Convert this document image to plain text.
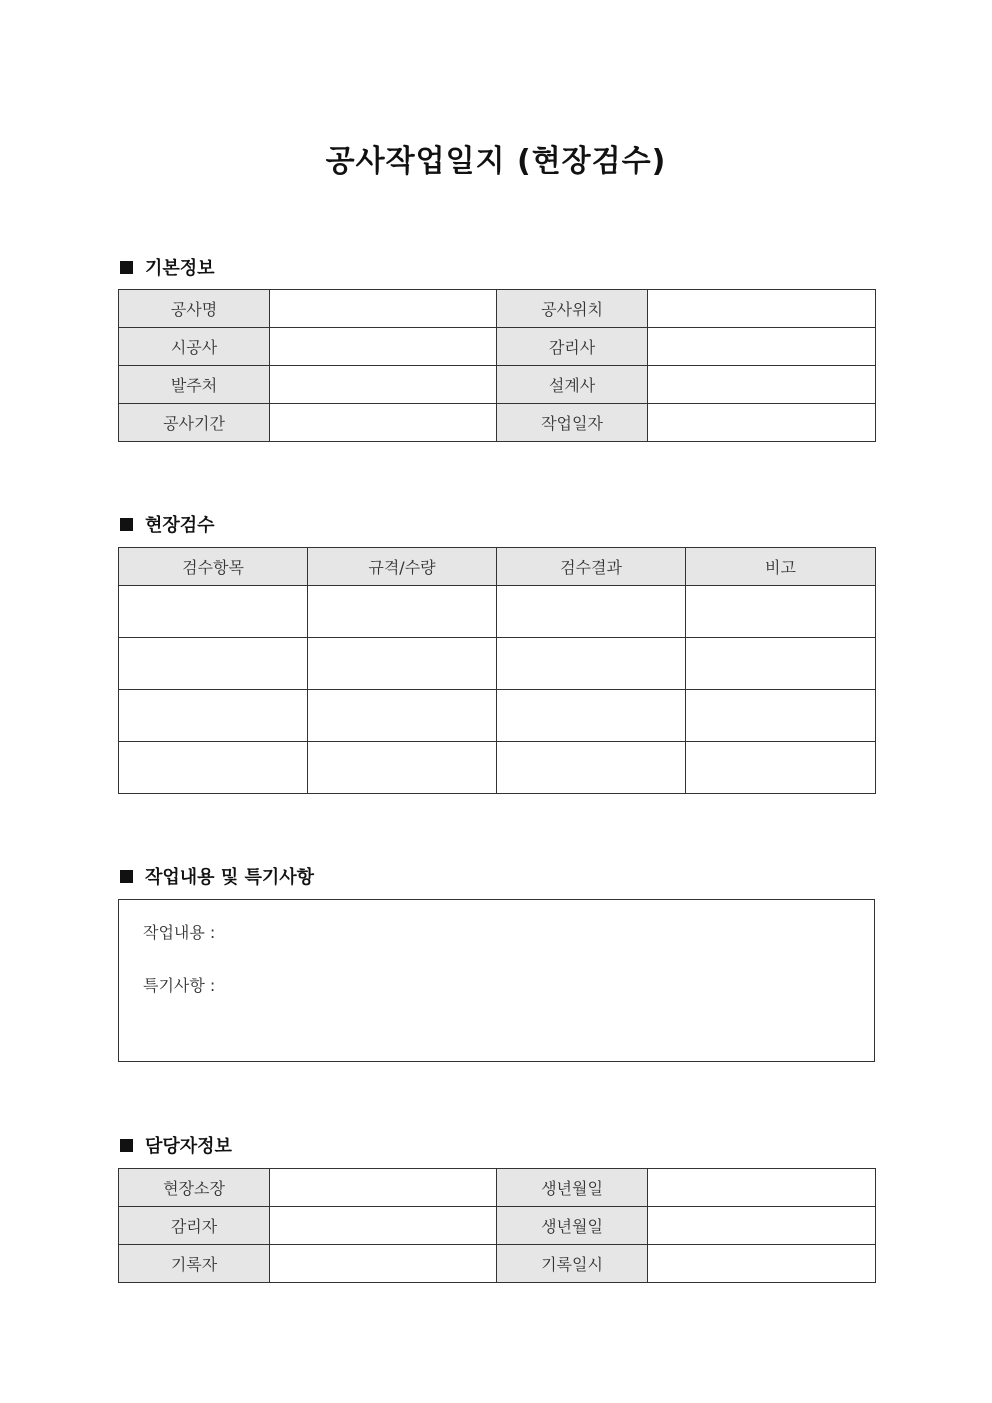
공사작업일지 (현장검수)
기본정보
공사명		공사위치	
시공사		감리사	
발주처		설계사	
공사기간		작업일자	
현장검수
검수항목	규격/수량	검수결과	비고

작업내용 및 특기사항
작업내용 :
특기사항 :
담당자정보
현장소장		생년월일	
감리자		생년월일	
기록자		기록일시	
